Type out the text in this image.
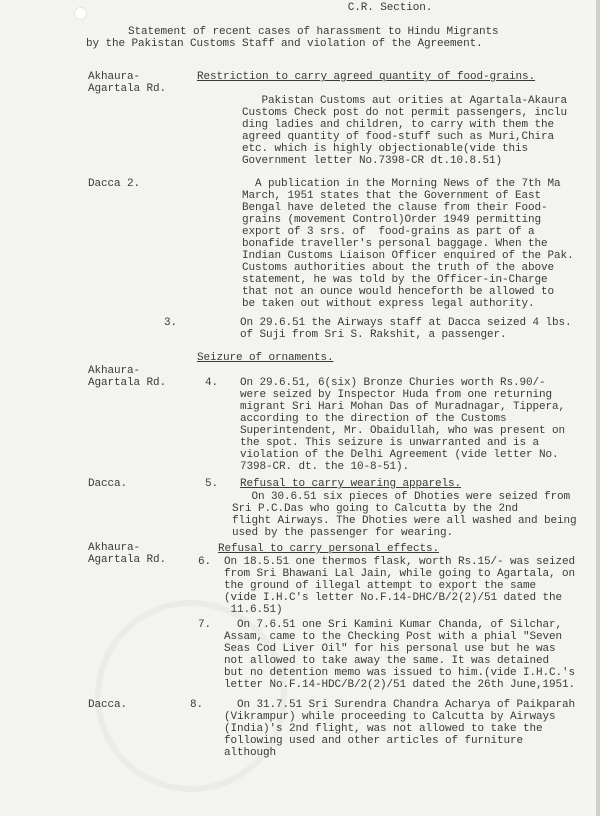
C.R. Section.
Statement of recent cases of harassment to Hindu Migrants
by the Pakistan Customs Staff and violation of the Agreement.
Akhaura-
Agartala Rd.
Restriction to carry agreed quantity of food-grains.
Pakistan Customs aut orities at Agartala-Akaura
Customs Check post do not permit passengers, inclu
ding ladies and children, to carry with them the
agreed quantity of food-stuff such as Muri,Chira
etc. which is highly objectionable(vide this
Government letter No.7398-CR dt.10.8.51)
Dacca 2.	A publication in the Morning News of the 7th Ma
March, 1951 states that the Government of East
Bengal have deleted the clause from their Food-
grains (movement Control)Order 1949 permitting
export of 3 srs. of  food-grains as part of a
bonafide traveller's personal baggage. When the
Indian Customs Liaison Officer enquired of the Pak.
Customs authorities about the truth of the above
statement, he was told by the Officer-in-Charge
that not an ounce would henceforth be allowed to
be taken out without express legal authority.
3.	On 29.6.51 the Airways staff at Dacca seized 4 lbs.
of Suji from Sri S. Rakshit, a passenger.
Seizure of ornaments.
Akhaura-
Agartala Rd.	4. On 29.6.51, 6(six) Bronze Churies worth Rs.90/-
were seized by Inspector Huda from one returning
migrant Sri Hari Mohan Das of Muradnagar, Tippera,
according to the direction of the Customs
Superintendent, Mr. Obaidullah, who was present on
the spot. This seizure is unwarranted and is a
violation of the Delhi Agreement (vide letter No.
7398-CR. dt. the 10-8-51).
Dacca.	5. Refusal to carry wearing apparels.
On 30.6.51 six pieces of Dhoties were seized from
Sri P.C.Das who going to Calcutta by the 2nd
flight Airways. The Dhoties were all washed and being
used by the passenger for wearing.
Akhaura-
Agartala Rd.
Refusal to carry personal effects.
6. On 18.5.51 one thermos flask, worth Rs.15/- was seized
from Sri Bhawani Lal Jain, while going to Agartala, on
the ground of illegal attempt to export the same
(vide I.H.C's letter No.F.14-DHC/B/2(2)/51 dated the
11.6.51)
7.	On 7.6.51 one Sri Kamini Kumar Chanda, of Silchar,
Assam, came to the Checking Post with a phial "Seven
Seas Cod Liver Oil" for his personal use but he was
not allowed to take away the same. It was detained
but no detention memo was issued to him.(vide I.H.C.'s
letter No.F.14-HDC/B/2(2)/51 dated the 26th June,1951.
Dacca.	8.	On 31.7.51 Sri Surendra Chandra Acharya of Paikparah
(Vikrampur) while proceeding to Calcutta by Airways
(India)'s 2nd flight, was not allowed to take the
following used and other articles of furniture
although
